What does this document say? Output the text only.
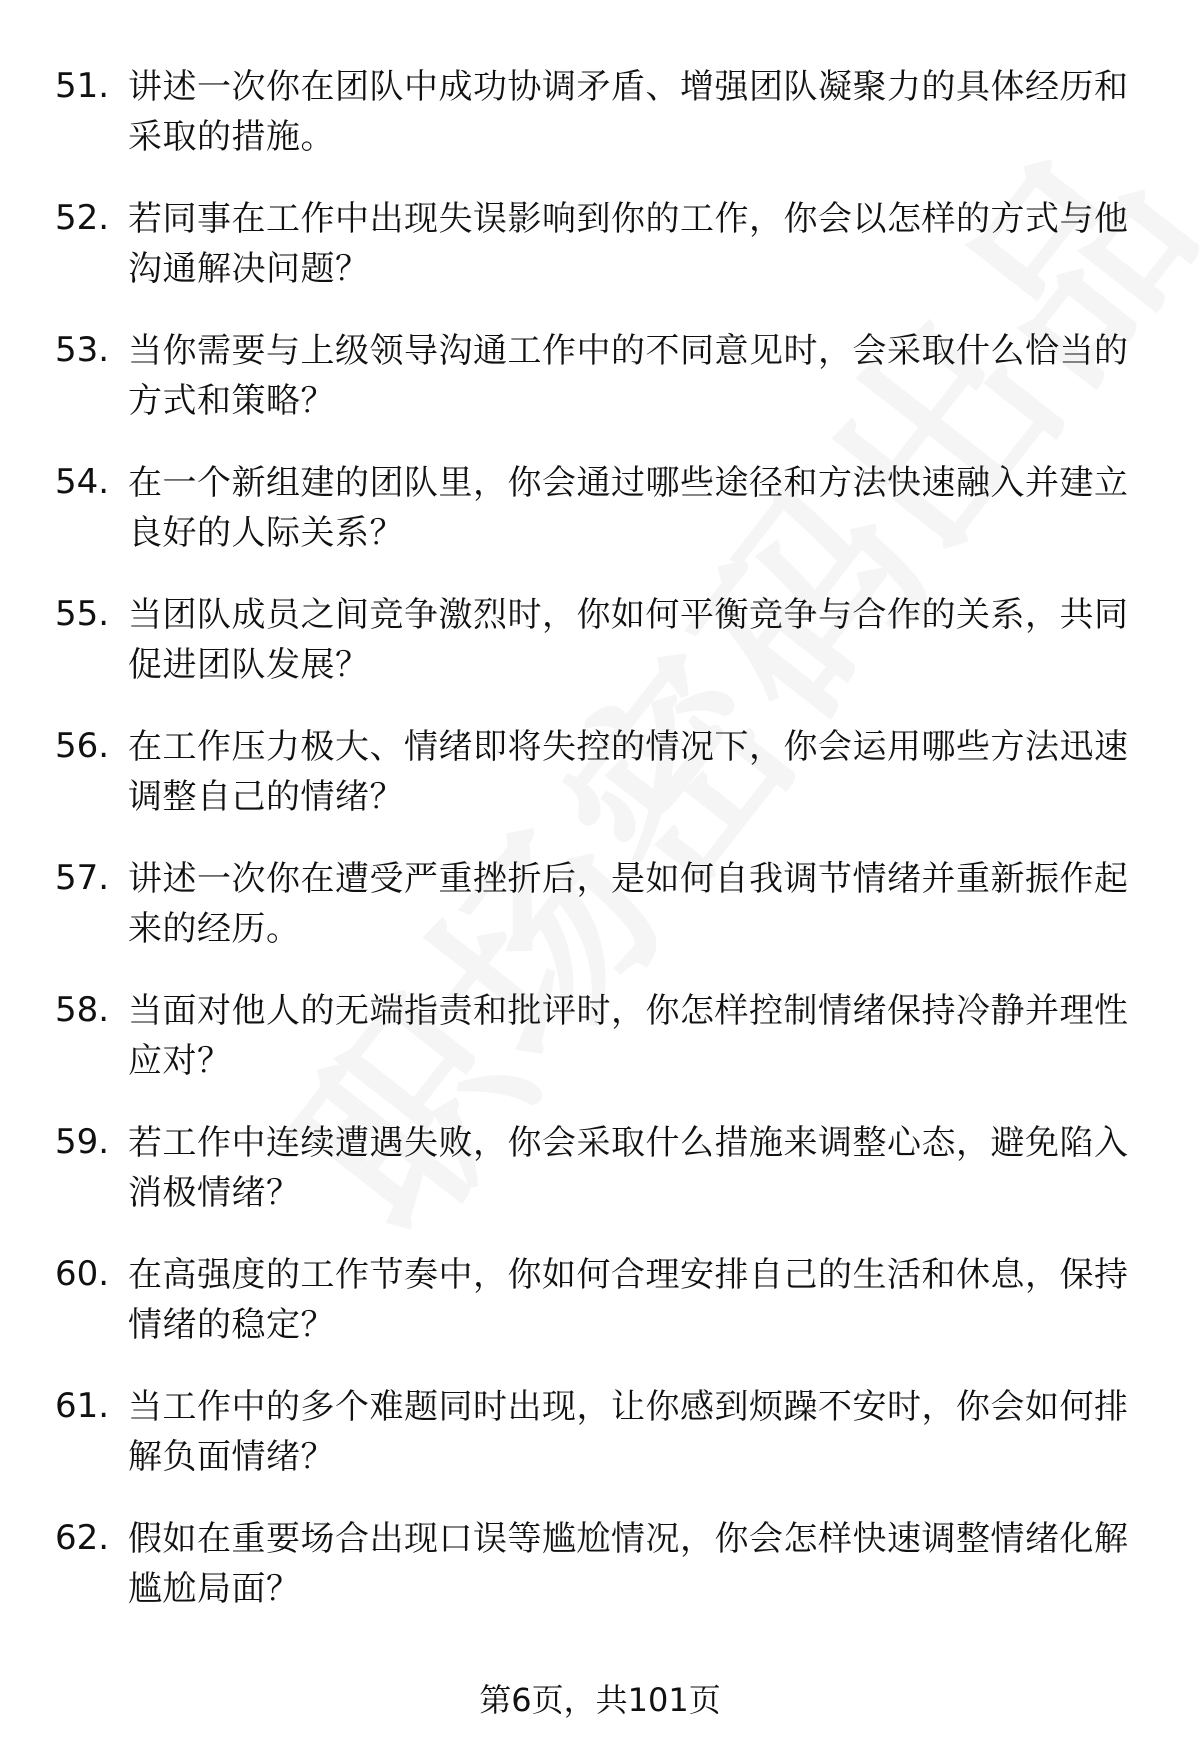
51. 讲述一次你在团队中成功协调矛盾、增强团队凝聚力的具体经历和采取的措施。
52. 若同事在工作中出现失误影响到你的工作，你会以怎样的方式与他沟通解决问题？
53. 当你需要与上级领导沟通工作中的不同意见时，会采取什么恰当的方式和策略？
54. 在一个新组建的团队里，你会通过哪些途径和方法快速融入并建立良好的人际关系？
55. 当团队成员之间竞争激烈时，你如何平衡竞争与合作的关系，共同促进团队发展？
56. 在工作压力极大、情绪即将失控的情况下，你会运用哪些方法迅速调整自己的情绪？
57. 讲述一次你在遭受严重挫折后，是如何自我调节情绪并重新振作起来的经历。
58. 当面对他人的无端指责和批评时，你怎样控制情绪保持冷静并理性应对？
59. 若工作中连续遭遇失败，你会采取什么措施来调整心态，避免陷入消极情绪？
60. 在高强度的工作节奏中，你如何合理安排自己的生活和休息，保持情绪的稳定？
61. 当工作中的多个难题同时出现，让你感到烦躁不安时，你会如何排解负面情绪？
62. 假如在重要场合出现口误等尴尬情况，你会怎样快速调整情绪化解尴尬局面？
第6页，共101页
